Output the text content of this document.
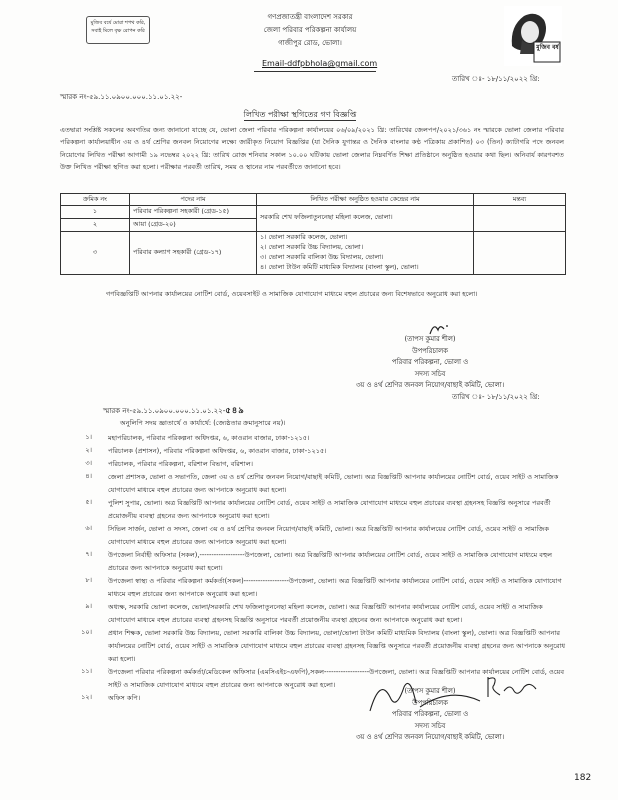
মুজিব বর্ষে মোরা শপথ করি, সবাই মিলে বৃক্ষ রোপন করি
গণপ্রজাতন্ত্রী বাংলাদেশ সরকার
জেলা পরিবার পরিকল্পনা কার্যালয়
গাজীপুর রোড, ভোলা।
মুজিব বর্ষ
Email-ddfpbhola@gmail.com
তারিখ ঃ- ১৮/১১/২০২২ খ্রি:
স্মারক নং-৫৯.১১.০৯০০.০০০.১১.০১.২২-
লিখিত পরীক্ষা স্থগিতের গণ বিজ্ঞপ্তি
এতদ্বারা সংশ্লিষ্ট সকলের অবগতির জন্য জানানো যাচ্ছে যে, ভোলা জেলা পরিবার পরিকল্পনা কার্যালয়ের ০৬/০৯/২০২১ খ্রি: তারিখের জেলপপ/২০২১/৩৬১ নং স্মারকে ভোলা জেলার পরিবার পরিকল্পনা কার্যালয়াধীন ৩য় ও ৪র্থ শ্রেণির জনবল নিয়োগের লক্ষ্যে জারীকৃত নিয়োগ বিজ্ঞপ্তির (যা দৈনিক যুগান্তর ও দৈনিক বাংলার কণ্ঠ পত্রিকায় প্রকাশিত) ০৩ (তিন) ক্যাটাগরি পদে জনবল নিয়োগের লিখিত পরীক্ষা আগামী ১৯ নভেম্বর ২০২২ খ্রি: তারিখ রোজ শনিবার সকাল ১০.০০ ঘটিকায় ভোলা জেলার নিম্নবর্ণিত শিক্ষা প্রতিষ্ঠানে অনুষ্ঠিত হওয়ার কথা ছিল। অনিবার্য কারণবশত উক্ত লিখিত পরীক্ষা স্থগিত করা হলো। পরীক্ষার পরবর্তী তারিখ, সময় ও স্থানের নাম পরবর্তীতে জানানো হবে।
ক্রমিক নং	পদের নাম	লিখিত পরীক্ষা অনুষ্ঠিত হওয়ার কেন্দ্রের নাম	মন্তব্য
১	পরিবার পরিকল্পনা সহকারী (গ্রেড-১৫)	সরকারি শেখ ফজিলাতুননেছা মহিলা কলেজ, ভোলা।	
২	আয়া (গ্রেড-২০)		
৩	পরিবার কল্যাণ সহকারী (গ্রেড-১৭)	১। ভোলা সরকারি কলেজ, ভোলা।
২। ভোলা সরকারি উচ্চ বিদ্যালয়, ভোলা।
৩। ভোলা সরকারি বালিকা উচ্চ বিদ্যালয়, ভোলা।
৪। ভোলা টাউন কমিটি মাধ্যমিক বিদ্যালয় (বাংলা স্কুল), ভোলা।	

গণবিজ্ঞপ্তিটি আপনার কার্যালয়ের নোটিশ বোর্ড, ওয়েবসাইট ও সামাজিক যোগাযোগ মাধ্যমে বহুল প্রচারের জন্য বিশেষভাবে অনুরোধ করা হলো।
(তাপস কুমার শীল)
উপপরিচালক
পরিবার পরিকল্পনা, ভোলা ও
সদস্য সচিব
৩য় ও ৪র্থ শ্রেণির জনবল নিয়োগ/বাছাই কমিটি, ভোলা।
স্মারক নং-৫৯.১১.০৯০০.০০০.১১.০১.২২-৫৪৯
তারিখ ঃ- ১৮/১১/২০২২ খ্রি:
অনুলিপি সদয় জ্ঞাতার্থে ও কার্যার্থে: (জ্যেষ্ঠতার ক্রমানুসারে নয়)।
১। মহাপরিচালক, পরিবার পরিকল্পনা অধিদপ্তর, ৬, কাওরান বাজার, ঢাকা-১২১৫।
২। পরিচালক (প্রশাসন), পরিবার পরিকল্পনা অধিদপ্তর, ৬, কাওরান বাজার, ঢাকা-১২১৫।
৩। পরিচালক, পরিবার পরিকল্পনা, বরিশাল বিভাগ, বরিশাল।
৪। জেলা প্রশাসক, ভোলা ও সভাপতি, জেলা ৩য় ও ৪র্থ শ্রেণির জনবল নিয়োগ/বাছাই কমিটি, ভোলা। অত্র বিজ্ঞপ্তিটি আপনার কার্যালয়ের নোটিশ বোর্ড, ওয়েব সাইট ও সামাজিক যোগাযোগ মাধ্যমে বহুল প্রচারের জন্য আপনাকে অনুরোধ করা হলো।
৫। পুলিশ সুপার, ভোলা। অত্র বিজ্ঞপ্তিটি আপনার কার্যালয়ের নোটিশ বোর্ড, ওয়েব সাইট ও সামাজিক যোগাযোগ মাধ্যমে বহুল প্রচারের ব্যবস্থা গ্রহনসহ বিজ্ঞপ্তি অনুসারে পরবর্তী প্রয়োজনীয় ব্যবস্থা গ্রহনের জন্য আপনাকে অনুরোধ করা হলো।
৬। সিভিল সার্জন, ভোলা ও সদস্য, জেলা ৩য় ও ৪র্থ শ্রেণির জনবল নিয়োগ/বাছাই কমিটি, ভোলা। অত্র বিজ্ঞপ্তিটি আপনার কার্যালয়ের নোটিশ বোর্ড, ওয়েব সাইট ও সামাজিক যোগাযোগ মাধ্যমে বহুল প্রচারের জন্য আপনাকে অনুরোধ করা হলো।
৭। উপজেলা নির্বাহী অফিসার (সকল),-------------------উপজেলা, ভোলা। অত্র বিজ্ঞপ্তিটি আপনার কার্যালয়ের নোটিশ বোর্ড, ওয়েব সাইট ও সামাজিক যোগাযোগ মাধ্যমে বহুল প্রচারের জন্য আপনাকে অনুরোধ করা হলো।
৮। উপজেলা স্বাস্থ্য ও পরিবার পরিকল্পনা কর্মকর্তা(সকল)-------------------উপজেলা, ভোলা। অত্র বিজ্ঞপ্তিটি আপনার কার্যালয়ের নোটিশ বোর্ড, ওয়েব সাইট ও সামাজিক যোগাযোগ মাধ্যমে বহুল প্রচারের জন্য আপনাকে অনুরোধ করা হলো।
৯। অধ্যক্ষ, সরকারি ভোলা কলেজ, ভোলা/সরকারি শেখ ফজিলাতুননেছা মহিলা কলেজ, ভোলা। অত্র বিজ্ঞপ্তিটি আপনার কার্যালয়ের নোটিশ বোর্ড, ওয়েব সাইট ও সামাজিক যোগাযোগ মাধ্যমে বহুল প্রচারের ব্যবস্থা গ্রহনসহ বিজ্ঞপ্তি অনুসারে পরবর্তী প্রয়োজনীয় ব্যবস্থা গ্রহনের জন্য আপনাকে অনুরোধ করা হলো।
১০। প্রধান শিক্ষক, ভোলা সরকারি উচ্চ বিদ্যালয়, ভোলা সরকারি বালিকা উচ্চ বিদ্যালয়, ভোলা/ভোলা টাউন কমিটি মাধ্যমিক বিদ্যালয় (বাংলা স্কুল), ভোলা। অত্র বিজ্ঞপ্তিটি আপনার কার্যালয়ের নোটিশ বোর্ড, ওয়েব সাইট ও সামাজিক যোগাযোগ মাধ্যমে বহুল প্রচারের ব্যবস্থা গ্রহনসহ বিজ্ঞপ্তি অনুসারে পরবর্তী প্রয়োজনীয় ব্যবস্থা গ্রহনের জন্য আপনাকে অনুরোধ করা হলো।
১১। উপজেলা পরিবার পরিকল্পনা কর্মকর্তা/মেডিকেল অফিসার (এমসিএইচ-এফপি),সকল-------------------উপজেলা, ভোলা। অত্র বিজ্ঞপ্তিটি আপনার কার্যালয়ের নোটিশ বোর্ড, ওয়েব সাইট ও সামাজিক যোগাযোগ মাধ্যমে বহুল প্রচারের জন্য আপনাকে অনুরোধ করা হলো।
১২। অফিস কপি।
(তাপস কুমার শীল)
উপপরিচালক
পরিবার পরিকল্পনা, ভোলা ও
সদস্য সচিব
৩য় ও ৪র্থ শ্রেণির জনবল নিয়োগ/বাছাই কমিটি, ভোলা।
182
